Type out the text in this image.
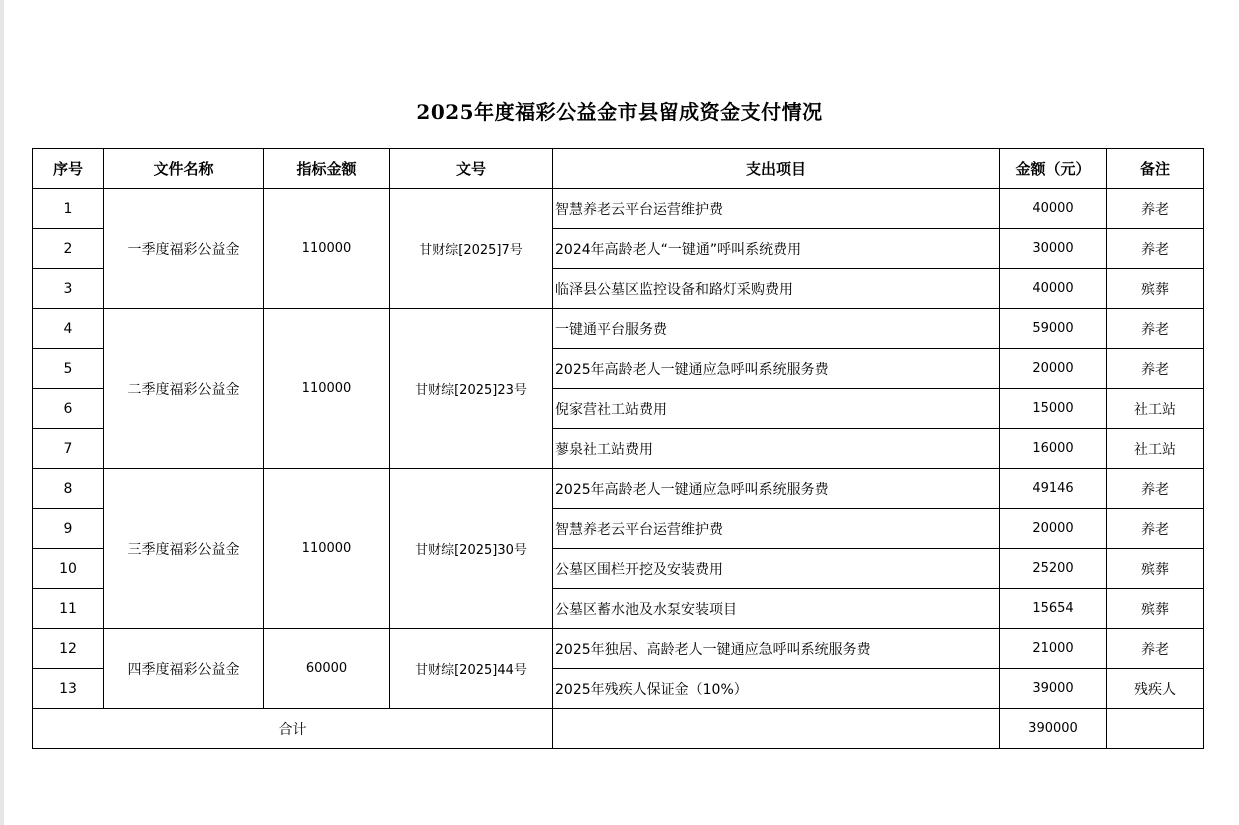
2025年度福彩公益金市县留成资金支付情况
序号	文件名称	指标金额	文号	支出项目	金额（元）	备注
1	一季度福彩公益金	110000	甘财综[2025]7号	智慧养老云平台运营维护费	40000	养老
2				2024年高龄老人“一键通”呼叫系统费用	30000	养老
3				临泽县公墓区监控设备和路灯采购费用	40000	殡葬
4	二季度福彩公益金	110000	甘财综[2025]23号	一键通平台服务费	59000	养老
5				2025年高龄老人一键通应急呼叫系统服务费	20000	养老
6				倪家营社工站费用	15000	社工站
7				蓼泉社工站费用	16000	社工站
8	三季度福彩公益金	110000	甘财综[2025]30号	2025年高龄老人一键通应急呼叫系统服务费	49146	养老
9				智慧养老云平台运营维护费	20000	养老
10				公墓区围栏开挖及安装费用	25200	殡葬
11				公墓区蓄水池及水泵安装项目	15654	殡葬
12	四季度福彩公益金	60000	甘财综[2025]44号	2025年独居、高龄老人一键通应急呼叫系统服务费	21000	养老
13				2025年残疾人保证金（10%）	39000	残疾人
合计					390000	
